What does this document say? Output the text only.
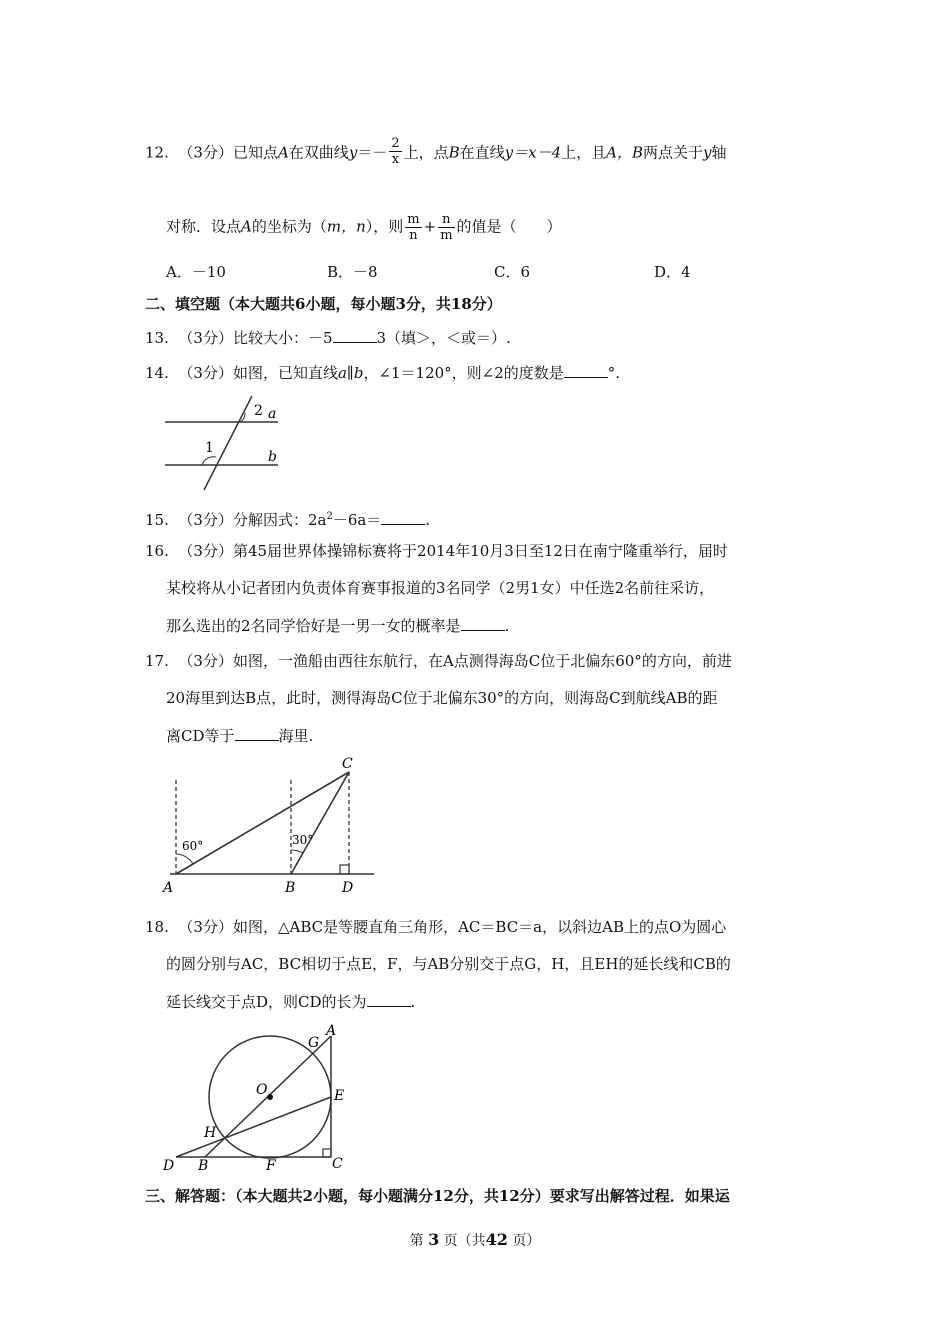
12. （3分）已知点A在双曲线$y=- \frac{2}{x}$ 上，点B在直线y＝x－4上，且A，B两点关于y轴
对称．设点A的坐标为（m，n），则 $\frac{m}{n} + \frac{n}{m}$ 的值是（　　）
A．－10	B．－8	C．6	D．4
二、填空题（本大题共6小题，每小题3分，共18分）
13. （3分）比较大小：－5	3（填＞，＜或＝）.
14. （3分）如图，已知直线a∥b，∠1＝120°，则∠2的度数是	°.
2 a
1
b
15. （3分）分解因式：$2a^2-6a=$	.
16. （3分）第45届世界体操锦标赛将于2014年10月3日至12日在南宁隆重举行，届时
某校将从小记者团内负责体育赛事报道的3名同学（2男1女）中任选2名前往采访，
那么选出的2名同学恰好是一男一女的概率是	.
17. （3分）如图，一渔船由西往东航行，在A点测得海岛C位于北偏东60°的方向，前进
20海里到达B点，此时，测得海岛C位于北偏东30°的方向，则海岛C到航线AB的距
离CD等于	海里.
60°	30°
A	B
C
D
18. （3分）如图，△ABC是等腰直角三角形，AC＝BC＝a，以斜边AB上的点O为圆心
的圆分别与AC，BC相切于点E，F，与AB分别交于点G，H，且EH的延长线和CB的
延长线交于点D，则CD的长为	.
A
G
O	E
H
D B	F	C
三、解答题：（本大题共2小题，每小题满分12分，共12分）要求写出解答过程．如果运
第 3 页（共42 页）
